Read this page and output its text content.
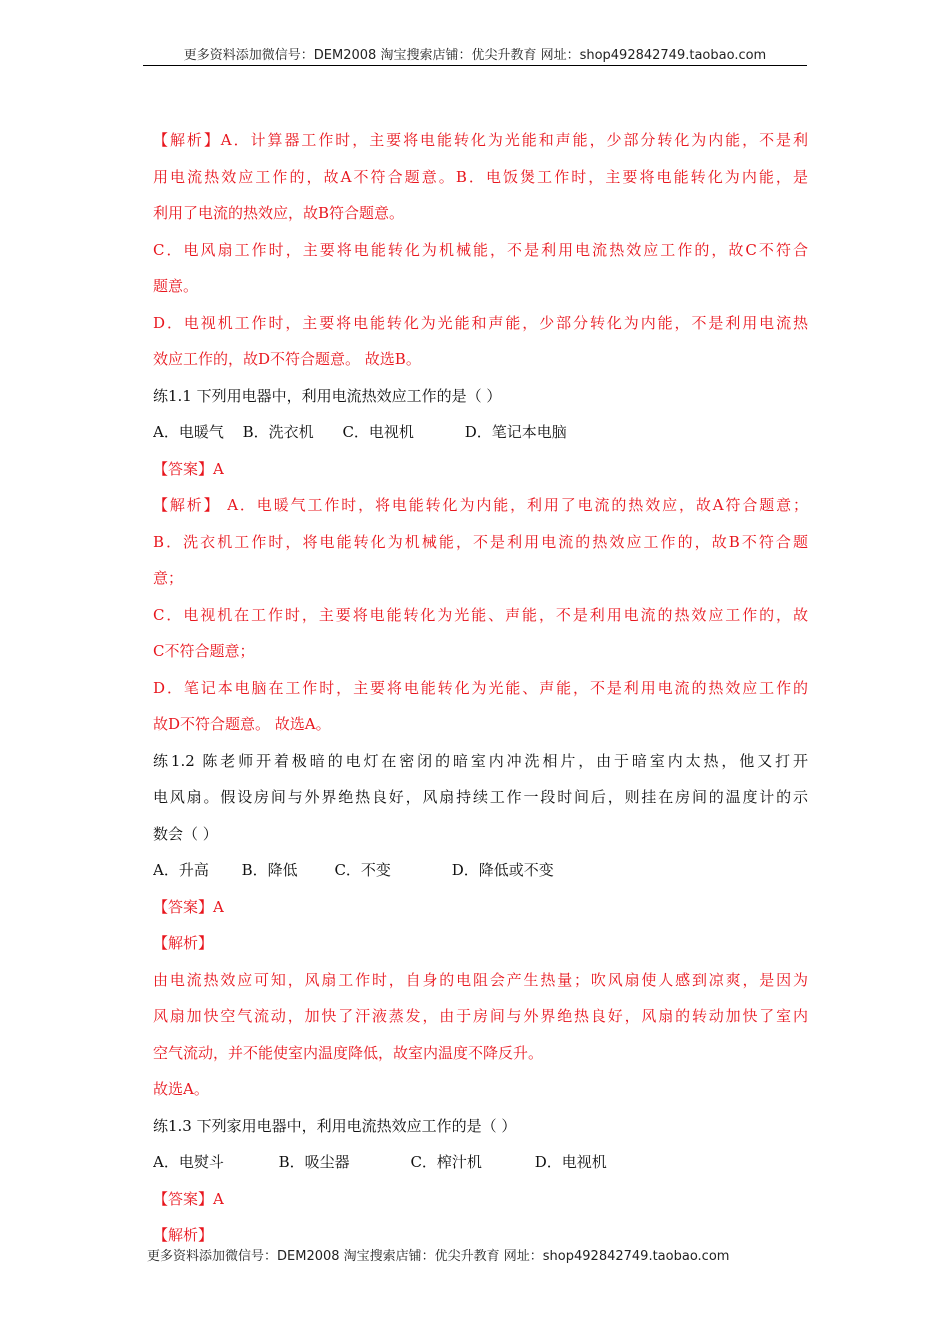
更多资料添加微信号：DEM2008 淘宝搜索店铺：优尖升教育 网址：shop492842749.taobao.com
【解析】A．计算器工作时，主要将电能转化为光能和声能，少部分转化为内能，不是利
用电流热效应工作的，故A不符合题意。B．电饭煲工作时，主要将电能转化为内能，是
利用了电流的热效应，故B符合题意。
C．电风扇工作时，主要将电能转化为机械能，不是利用电流热效应工作的，故C不符合
题意。
D．电视机工作时，主要将电能转化为光能和声能，少部分转化为内能，不是利用电流热
效应工作的，故D不符合题意。 故选B。
练1.1 下列用电器中，利用电流热效应工作的是（ ）
A．电暖气 B．洗衣机 C．电视机	D．笔记本电脑
【答案】A
【解析】 A．电暖气工作时，将电能转化为内能，利用了电流的热效应，故A符合题意；
B．洗衣机工作时，将电能转化为机械能，不是利用电流的热效应工作的，故B不符合题
意；
C．电视机在工作时，主要将电能转化为光能、声能，不是利用电流的热效应工作的，故
C不符合题意；
D．笔记本电脑在工作时，主要将电能转化为光能、声能，不是利用电流的热效应工作的
故D不符合题意。 故选A。
练1.2 陈老师开着极暗的电灯在密闭的暗室内冲洗相片，由于暗室内太热，他又打开
电风扇。假设房间与外界绝热良好，风扇持续工作一段时间后，则挂在房间的温度计的示
数会（ ）
A．升高 B．降低 C．不变	D．降低或不变
【答案】A
【解析】
由电流热效应可知，风扇工作时，自身的电阻会产生热量；吹风扇使人感到凉爽，是因为
风扇加快空气流动，加快了汗液蒸发，由于房间与外界绝热良好，风扇的转动加快了室内
空气流动，并不能使室内温度降低，故室内温度不降反升。
故选A。
练1.3 下列家用电器中，利用电流热效应工作的是（ ）
A．电熨斗	B．吸尘器	C．榨汁机	D．电视机
【答案】A
【解析】
更多资料添加微信号：DEM2008 淘宝搜索店铺：优尖升教育 网址：shop492842749.taobao.com
